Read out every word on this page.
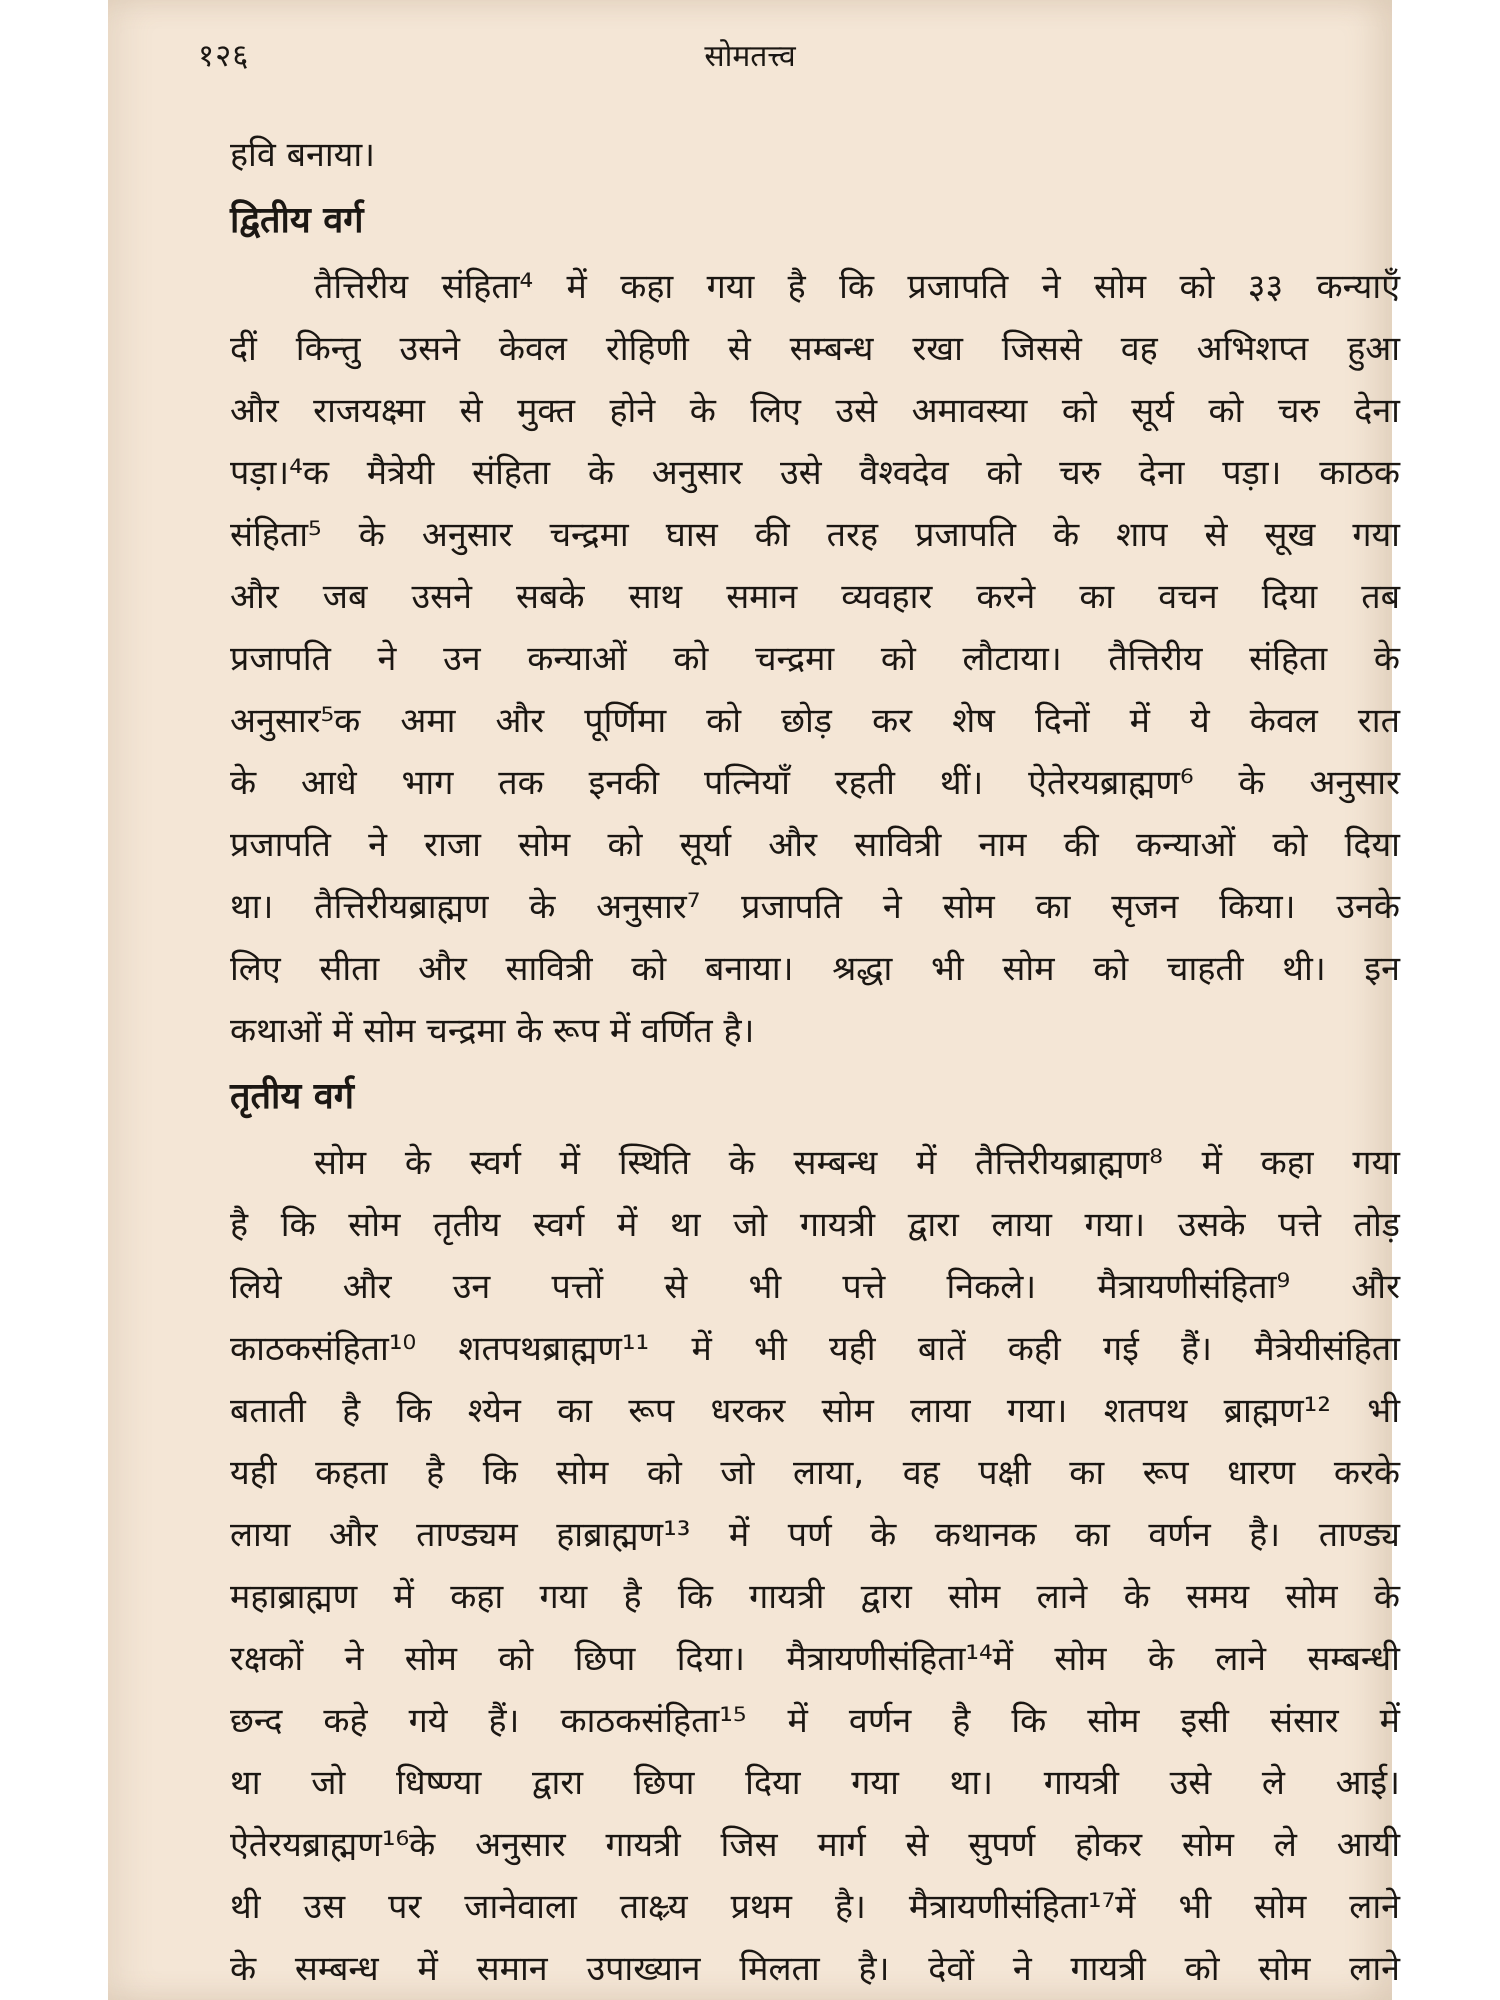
१२६	सोमतत्त्व
हवि बनाया।
द्वितीय वर्ग
तैत्तिरीय संहिता⁴ में कहा गया है कि प्रजापति ने सोम को ३३ कन्याएँ
दीं किन्तु उसने केवल रोहिणी से सम्बन्ध रखा जिससे वह अभिशप्त हुआ
और राजयक्ष्मा से मुक्त होने के लिए उसे अमावस्या को सूर्य को चरु देना
पड़ा।⁴क मैत्रेयी संहिता के अनुसार उसे वैश्वदेव को चरु देना पड़ा। काठक
संहिता⁵ के अनुसार चन्द्रमा घास की तरह प्रजापति के शाप से सूख गया
और जब उसने सबके साथ समान व्यवहार करने का वचन दिया तब
प्रजापति ने उन कन्याओं को चन्द्रमा को लौटाया। तैत्तिरीय संहिता के
अनुसार⁵क अमा और पूर्णिमा को छोड़ कर शेष दिनों में ये केवल रात
के आधे भाग तक इनकी पत्नियाँ रहती थीं। ऐतेरयब्राह्मण⁶ के अनुसार
प्रजापति ने राजा सोम को सूर्या और सावित्री नाम की कन्याओं को दिया
था। तैत्तिरीयब्राह्मण के अनुसार⁷ प्रजापति ने सोम का सृजन किया। उनके
लिए सीता और सावित्री को बनाया। श्रद्धा भी सोम को चाहती थी। इन
कथाओं में सोम चन्द्रमा के रूप में वर्णित है।
तृतीय वर्ग
सोम के स्वर्ग में स्थिति के सम्बन्ध में तैत्तिरीयब्राह्मण⁸ में कहा गया
है कि सोम तृतीय स्वर्ग में था जो गायत्री द्वारा लाया गया। उसके पत्ते तोड़
लिये और उन पत्तों से भी पत्ते निकले। मैत्रायणीसंहिता⁹ और
काठकसंहिता¹⁰ शतपथब्राह्मण¹¹ में भी यही बातें कही गई हैं। मैत्रेयीसंहिता
बताती है कि श्येन का रूप धरकर सोम लाया गया। शतपथ ब्राह्मण¹² भी
यही कहता है कि सोम को जो लाया, वह पक्षी का रूप धारण करके
लाया और ताण्ड्यम हाब्राह्मण¹³ में पर्ण के कथानक का वर्णन है। ताण्ड्य
महाब्राह्मण में कहा गया है कि गायत्री द्वारा सोम लाने के समय सोम के
रक्षकों ने सोम को छिपा दिया। मैत्रायणीसंहिता¹⁴में सोम के लाने सम्बन्धी
छन्द कहे गये हैं। काठकसंहिता¹⁵ में वर्णन है कि सोम इसी संसार में
था जो धिष्ण्या द्वारा छिपा दिया गया था। गायत्री उसे ले आई।
ऐतेरयब्राह्मण¹⁶के अनुसार गायत्री जिस मार्ग से सुपर्ण होकर सोम ले आयी
थी उस पर जानेवाला ताक्ष्र्य प्रथम है। मैत्रायणीसंहिता¹⁷में भी सोम लाने
के सम्बन्ध में समान उपाख्यान मिलता है। देवों ने गायत्री को सोम लाने
